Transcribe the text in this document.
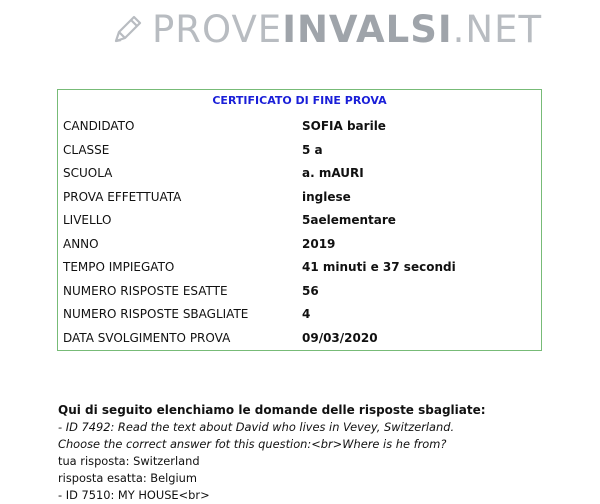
PROVEINVALSI.NET
CERTIFICATO DI FINE PROVA
CANDIDATO	SOFIA barile
CLASSE	5 a
SCUOLA	a. mAURI
PROVA EFFETTUATA	inglese
LIVELLO	5aelementare
ANNO	2019
TEMPO IMPIEGATO	41 minuti e 37 secondi
NUMERO RISPOSTE ESATTE	56
NUMERO RISPOSTE SBAGLIATE	4
DATA SVOLGIMENTO PROVA	09/03/2020
Qui di seguito elenchiamo le domande delle risposte sbagliate:
- ID 7492: Read the text about David who lives in Vevey, Switzerland.
Choose the correct answer fot this question:<br>Where is he from?
tua risposta: Switzerland
risposta esatta: Belgium
- ID 7510: MY HOUSE<br>
